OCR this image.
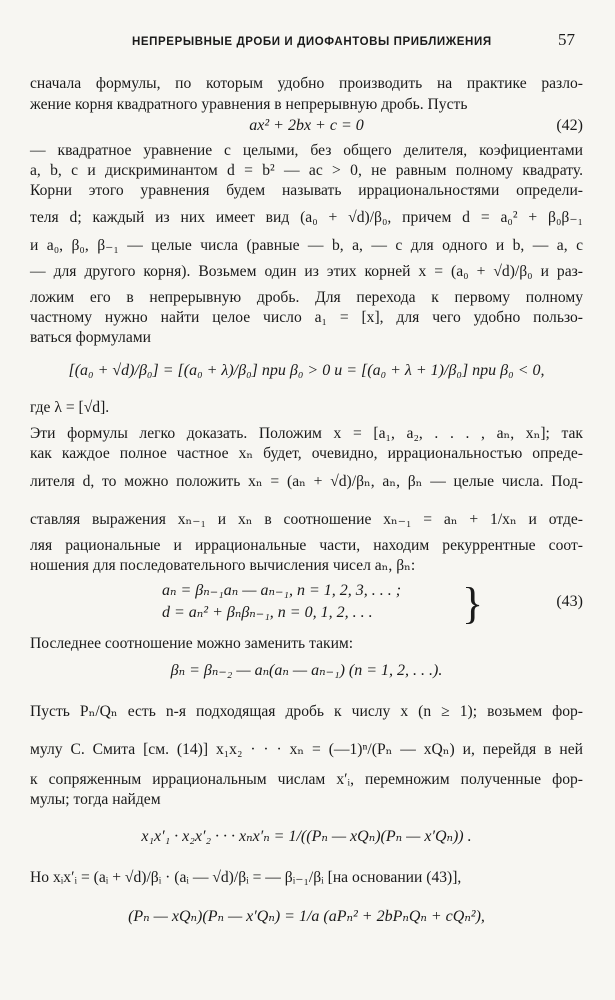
НЕПРЕРЫВНЫЕ ДРОБИ И ДИОФАНТОВЫ ПРИБЛИЖЕНИЯ	57
сначала формулы, по которым удобно производить на практике разло-
жение корня квадратного уравнения в непрерывную дробь. Пусть
ax² + 2bx + c = 0	(42)
— квадратное уравнение с целыми, без общего делителя, коэфициентами
a, b, c и дискриминантом d = b² — ac > 0, не равным полному квадрату.
Корни этого уравнения будем называть иррациональностями определи-
теля d; каждый из них имеет вид (a₀ + √d)/β₀, причем d = a₀² + β₀β₋₁
и a₀, β₀, β₋₁ — целые числа (равные — b, a, — c для одного и b, — a, c
— для другого корня). Возьмем один из этих корней x = (a₀ + √d)/β₀ и раз-
ложим его в непрерывную дробь. Для перехода к первому полному
частному нужно найти целое число a₁ = [x], для чего удобно пользо-
ваться формулами
[(a₀ + √d)/β₀] = [(a₀ + λ)/β₀] при β₀ > 0 и = [(a₀ + λ + 1)/β₀] при β₀ < 0,
где λ = [√d].
Эти формулы легко доказать. Положим x = [a₁, a₂, . . . , aₙ, xₙ]; так
как каждое полное частное xₙ будет, очевидно, иррациональностью опреде-
лителя d, то можно положить xₙ = (aₙ + √d)/βₙ, aₙ, βₙ — целые числа. Под-
ставляя выражения xₙ₋₁ и xₙ в соотношение xₙ₋₁ = aₙ + 1/xₙ и отде-
ляя рациональные и иррациональные части, находим рекуррентные соот-
ношения для последовательного вычисления чисел aₙ, βₙ:
aₙ = βₙ₋₁aₙ — aₙ₋₁, n = 1, 2, 3, . . . ;
d = aₙ² + βₙβₙ₋₁, n = 0, 1, 2, . . .
(43)
}
Последнее соотношение можно заменить таким:
βₙ = βₙ₋₂ — aₙ(aₙ — aₙ₋₁) (n = 1, 2, . . .).
Пусть Pₙ/Qₙ есть n-я подходящая дробь к числу x (n ≥ 1); возьмем фор-
мулу С. Смита [см. (14)] x₁x₂ · · · xₙ = (—1)ⁿ/(Pₙ — xQₙ) и, перейдя в ней
к сопряженным иррациональным числам x′ᵢ, перемножим полученные фор-
мулы; тогда найдем
x₁x′₁ · x₂x′₂ · · · xₙx′ₙ = 1/((Pₙ — xQₙ)(Pₙ — x′Qₙ)) .
Но xᵢx′ᵢ = (aᵢ + √d)/βᵢ · (aᵢ — √d)/βᵢ = — βᵢ₋₁/βᵢ [на основании (43)],
(Pₙ — xQₙ)(Pₙ — x′Qₙ) = 1/a (aPₙ² + 2bPₙQₙ + cQₙ²),
